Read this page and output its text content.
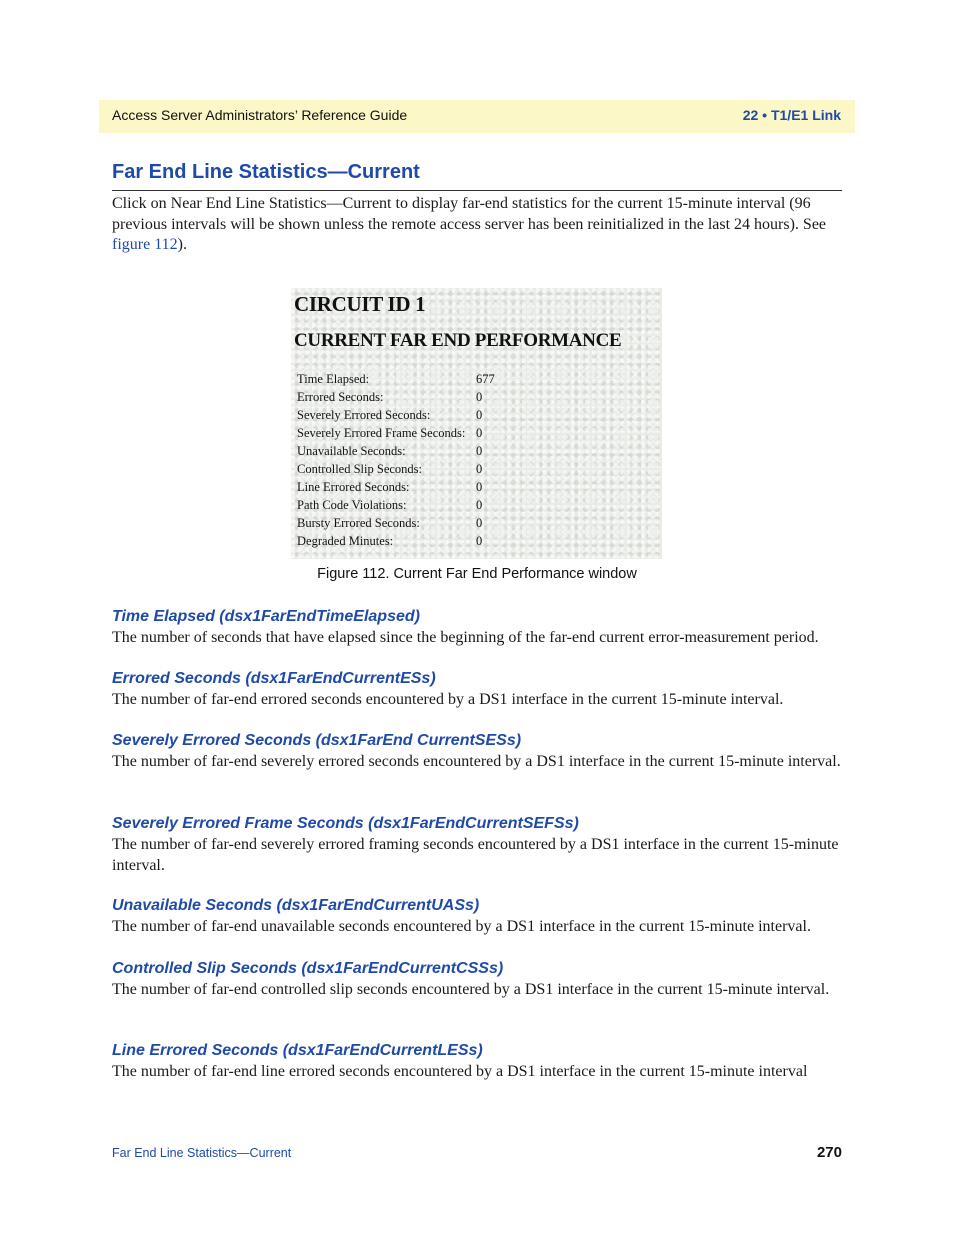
Access Server Administrators’ Reference Guide	22 • T1/E1 Link
Far End Line Statistics—Current

Click on Near End Line Statistics—Current to display far-end statistics for the current 15-minute interval (96 previous intervals will be shown unless the remote access server has been reinitialized in the last 24 hours). See figure 112).

CIRCUIT ID 1
CURRENT FAR END PERFORMANCE
Time Elapsed:	677
Errored Seconds:	0
Severely Errored Seconds:	0
Severely Errored Frame Seconds: 0
Unavailable Seconds:	0
Controlled Slip Seconds:	0
Line Errored Seconds:	0
Path Code Violations:	0
Bursty Errored Seconds:	0
Degraded Minutes:	0
Figure 112. Current Far End Performance window
Time Elapsed (dsx1FarEndTimeElapsed)

The number of seconds that have elapsed since the beginning of the far-end current error-measurement period.

Errored Seconds (dsx1FarEndCurrentESs)

The number of far-end errored seconds encountered by a DS1 interface in the current 15-minute interval.

Severely Errored Seconds (dsx1FarEnd CurrentSESs)

The number of far-end severely errored seconds encountered by a DS1 interface in the current 15-minute interval.

Severely Errored Frame Seconds (dsx1FarEndCurrentSEFSs)

The number of far-end severely errored framing seconds encountered by a DS1 interface in the current 15-minute interval.

Unavailable Seconds (dsx1FarEndCurrentUASs)

The number of far-end unavailable seconds encountered by a DS1 interface in the current 15-minute interval.

Controlled Slip Seconds (dsx1FarEndCurrentCSSs)

The number of far-end controlled slip seconds encountered by a DS1 interface in the current 15-minute interval.

Line Errored Seconds (dsx1FarEndCurrentLESs)

The number of far-end line errored seconds encountered by a DS1 interface in the current 15-minute interval

Far End Line Statistics—Current	270
